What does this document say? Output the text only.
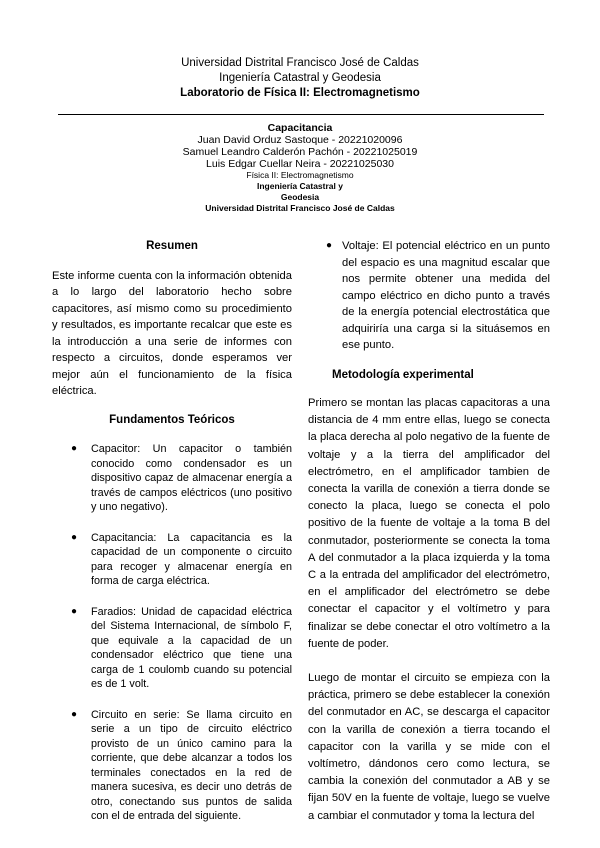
Universidad Distrital Francisco José de Caldas
Ingeniería Catastral y Geodesia
Laboratorio de Física II: Electromagnetismo
Capacitancia
Juan David Orduz Sastoque - 20221020096
Samuel Leandro Calderón Pachón - 20221025019
Luis Edgar Cuellar Neira - 20221025030
Física II: Electromagnetismo
Ingeniería Catastral y
Geodesia
Universidad Distrital Francisco José de Caldas
Resumen

Este informe cuenta con la información obtenida a lo largo del laboratorio hecho sobre capacitores, así mismo como su procedimiento y resultados, es importante recalcar que este es la introducción a una serie de informes con respecto a circuitos, donde esperamos ver mejor aún el funcionamiento de la física eléctrica.

Fundamentos Teóricos
● Capacitor: Un capacitor o también conocido como condensador es un dispositivo capaz de almacenar energía a través de campos eléctricos (uno positivo y uno negativo).
● Capacitancia: La capacitancia es la capacidad de un componente o circuito para recoger y almacenar energía en forma de carga eléctrica.
● Faradios: Unidad de capacidad eléctrica del Sistema Internacional, de símbolo F, que equivale a la capacidad de un condensador eléctrico que tiene una carga de 1 coulomb cuando su potencial es de 1 volt.
● Circuito en serie: Se llama circuito en serie a un tipo de circuito eléctrico provisto de un único camino para la corriente, que debe alcanzar a todos los terminales conectados en la red de manera sucesiva, es decir uno detrás de otro, conectando sus puntos de salida con el de entrada del siguiente.
● Voltaje: El potencial eléctrico en un punto del espacio es una magnitud escalar que nos permite obtener una medida del campo eléctrico en dicho punto a través de la energía potencial electrostática que adquiriría una carga si la situásemos en ese punto.
Metodología experimental

Primero se montan las placas capacitoras a una distancia de 4 mm entre ellas, luego se conecta la placa derecha al polo negativo de la fuente de voltaje y a la tierra del amplificador del electrómetro, en el amplificador tambien de conecta la varilla de conexión a tierra donde se conecto la placa, luego se conecta el polo positivo de la fuente de voltaje a la toma B del conmutador, posteriormente se conecta la toma A del conmutador a la placa izquierda y la toma C a la entrada del amplificador del electrómetro, en el amplificador del electrómetro se debe conectar el capacitor y el voltímetro y para finalizar se debe conectar el otro voltímetro a la fuente de poder.

Luego de montar el circuito se empieza con la práctica, primero se debe establecer la conexión del conmutador en AC, se descarga el capacitor con la varilla de conexión a tierra tocando el capacitor con la varilla y se mide con el voltímetro, dándonos cero como lectura, se cambia la conexión del conmutador a AB y se fijan 50V en la fuente de voltaje, luego se vuelve a cambiar el conmutador y toma la lectura del
